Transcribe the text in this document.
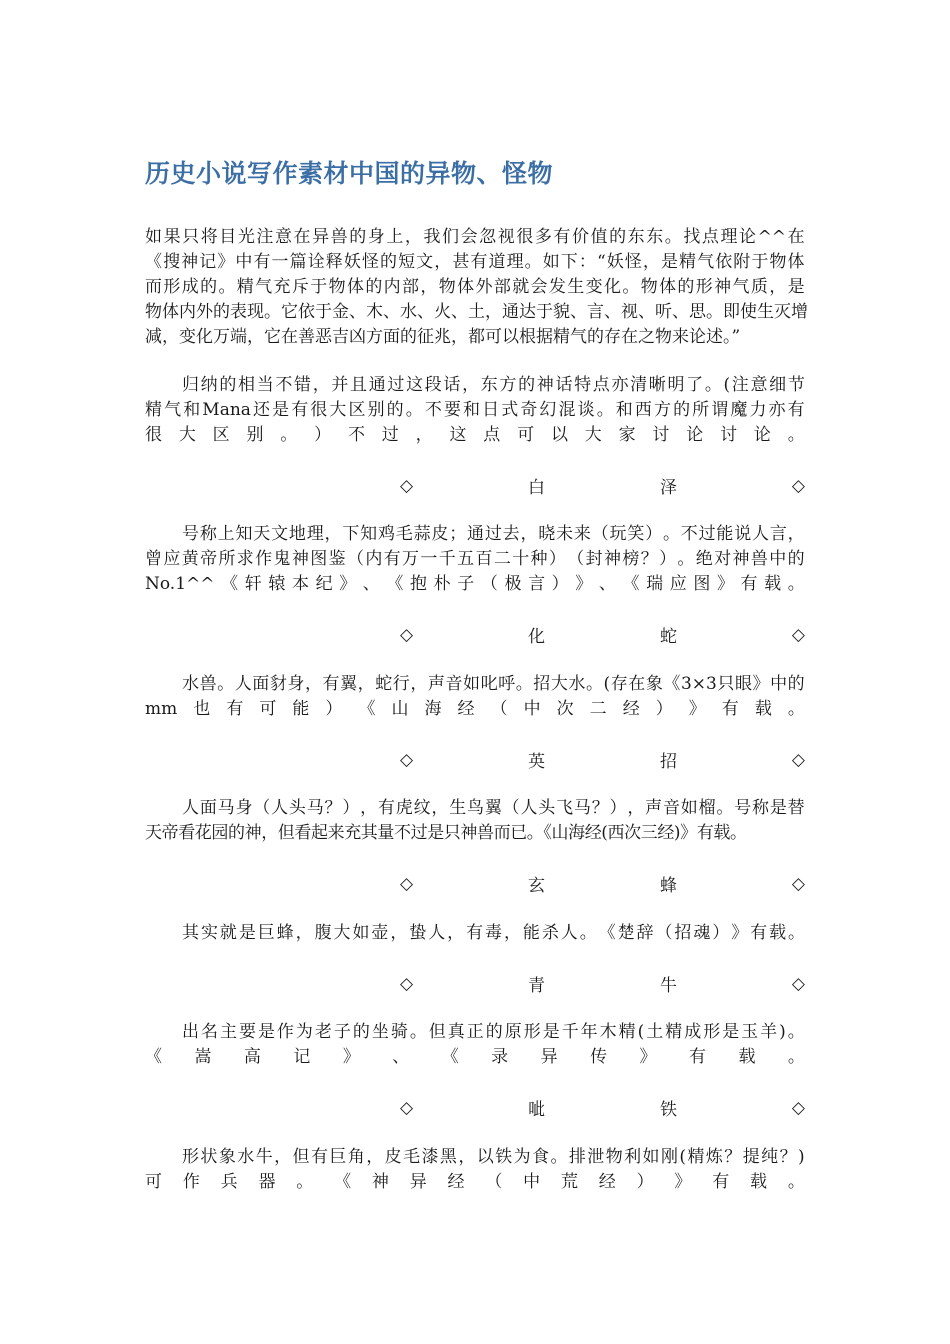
历史小说写作素材中国的异物、怪物
如 果 只 将 目 光 注 意 在 异 兽 的 身 上 ， 我 们 会 忽 视 很 多 有 价 值 的 东 东 。 找 点 理 论 ^^ 在
《 搜 神 记 》 中 有 一 篇 诠 释 妖 怪 的 短 文 ， 甚 有 道 理 。 如 下 ： “ 妖 怪 ， 是 精 气 依 附 于 物 体
而 形 成 的 。 精 气 充 斥 于 物 体 的 内 部 ， 物 体 外 部 就 会 发 生 变 化 。 物 体 的 形 神 气 质 ， 是
物 体 内 外 的 表 现 。 它 依 于 金 、 木 、 水 、 火 、 土 ， 通 达 于 貌 、 言 、 视 、 听 、 思 。 即 使 生 灭 增
减，变化万端，它在善恶吉凶方面的征兆，都可以根据精气的存在之物来论述。”
归 纳 的 相 当 不 错 ， 并 且 通 过 这 段 话 ， 东 方 的 神 话 特 点 亦 清 晰 明 了 。 ( 注 意 细 节
精 气 和 Mana 还 是 有 很 大 区 别 的 。 不 要 和 日 式 奇 幻 混 谈 。 和 西 方 的 所 谓 魔 力 亦 有
很 大 区 别 。 ） 不 过 ， 这 点 可 以 大 家 讨 论 讨 论 。
◇	白	泽	◇
号 称 上 知 天 文 地 理 ， 下 知 鸡 毛 蒜 皮 ； 通 过 去 ， 晓 未 来 （ 玩 笑 ） 。 不 过 能 说 人 言 ，
曾 应 黄 帝 所 求 作 鬼 神 图 鉴 （ 内 有 万 一 千 五 百 二 十 种 ） （ 封 神 榜 ？ ） 。 绝 对 神 兽 中 的
No.1^^ 《 轩 辕 本 纪 》 、 《 抱 朴 子 （ 极 言 ） 》 、 《 瑞 应 图 》 有 载 。
◇	化	蛇	◇
水 兽 。 人 面 豺 身 ， 有 翼 ， 蛇 行 ， 声 音 如 叱 呼 。 招 大 水 。 ( 存 在 象 《 3×3 只 眼 》 中 的
mm 也 有 可 能 ） 《 山 海 经 （ 中 次 二 经 ） 》 有 载 。
◇	英	招	◇
人 面 马 身 （ 人 头 马 ？ ） ， 有 虎 纹 ， 生 鸟 翼 （ 人 头 飞 马 ？ ） ， 声 音 如 榴 。 号 称 是 替
天帝看花园的神，但看起来充其量不过是只神兽而已。《山海经(西次三经)》有载。
◇	玄	蜂	◇
其 实 就 是 巨 蜂 ， 腹 大 如 壶 ， 蛰 人 ， 有 毒 ， 能 杀 人 。 《 楚 辞 （ 招 魂 ） 》 有 载 。
◇	青	牛	◇
出 名 主 要 是 作 为 老 子 的 坐 骑 。 但 真 正 的 原 形 是 千 年 木 精 ( 土 精 成 形 是 玉 羊 ) 。
《 嵩 高 记 》 、 《 录 异 传 》 有 载 。
◇	呲	铁	◇
形 状 象 水 牛 ， 但 有 巨 角 ， 皮 毛 漆 黑 ， 以 铁 为 食 。 排 泄 物 利 如 刚 ( 精 炼 ？ 提 纯 ？ )
可 作 兵 器 。 《 神 异 经 （ 中 荒 经 ） 》 有 载 。
